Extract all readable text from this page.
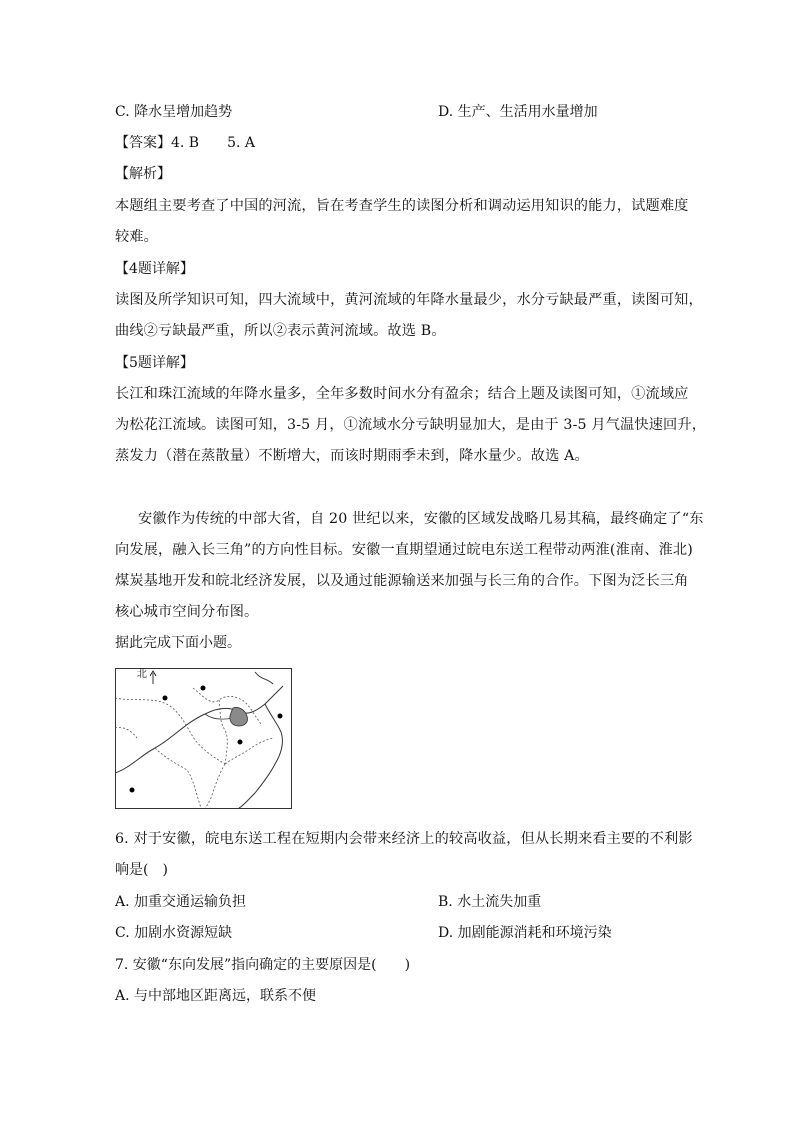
C. 降水呈增加趋势	D. 生产、生活用水量增加
【答案】4. B　　5. A
【解析】
本题组主要考查了中国的河流，旨在考查学生的读图分析和调动运用知识的能力，试题难度
较难。
【4题详解】
读图及所学知识可知，四大流域中，黄河流域的年降水量最少，水分亏缺最严重，读图可知，
曲线②亏缺最严重，所以②表示黄河流域。故选 B。
【5题详解】
长江和珠江流域的年降水量多，全年多数时间水分有盈余；结合上题及读图可知，①流域应
为松花江流域。读图可知，3-5 月，①流域水分亏缺明显加大，是由于 3-5 月气温快速回升，
蒸发力（潜在蒸散量）不断增大，而该时期雨季未到，降水量少。故选 A。
安徽作为传统的中部大省，自 20 世纪以来，安徽的区域发战略几易其稿，最终确定了“东
向发展，融入长三角”的方向性目标。安徽一直期望通过皖电东送工程带动两淮(淮南、淮北)
煤炭基地开发和皖北经济发展，以及通过能源输送来加强与长三角的合作。下图为泛长三角
核心城市空间分布图。
据此完成下面小题。
北
6. 对于安徽，皖电东送工程在短期内会带来经济上的较高收益，但从长期来看主要的不利影
响是(　)
A. 加重交通运输负担	B. 水土流失加重
C. 加剧水资源短缺	D. 加剧能源消耗和环境污染
7. 安徽“东向发展”指向确定的主要原因是(　　)
A. 与中部地区距离远，联系不便
